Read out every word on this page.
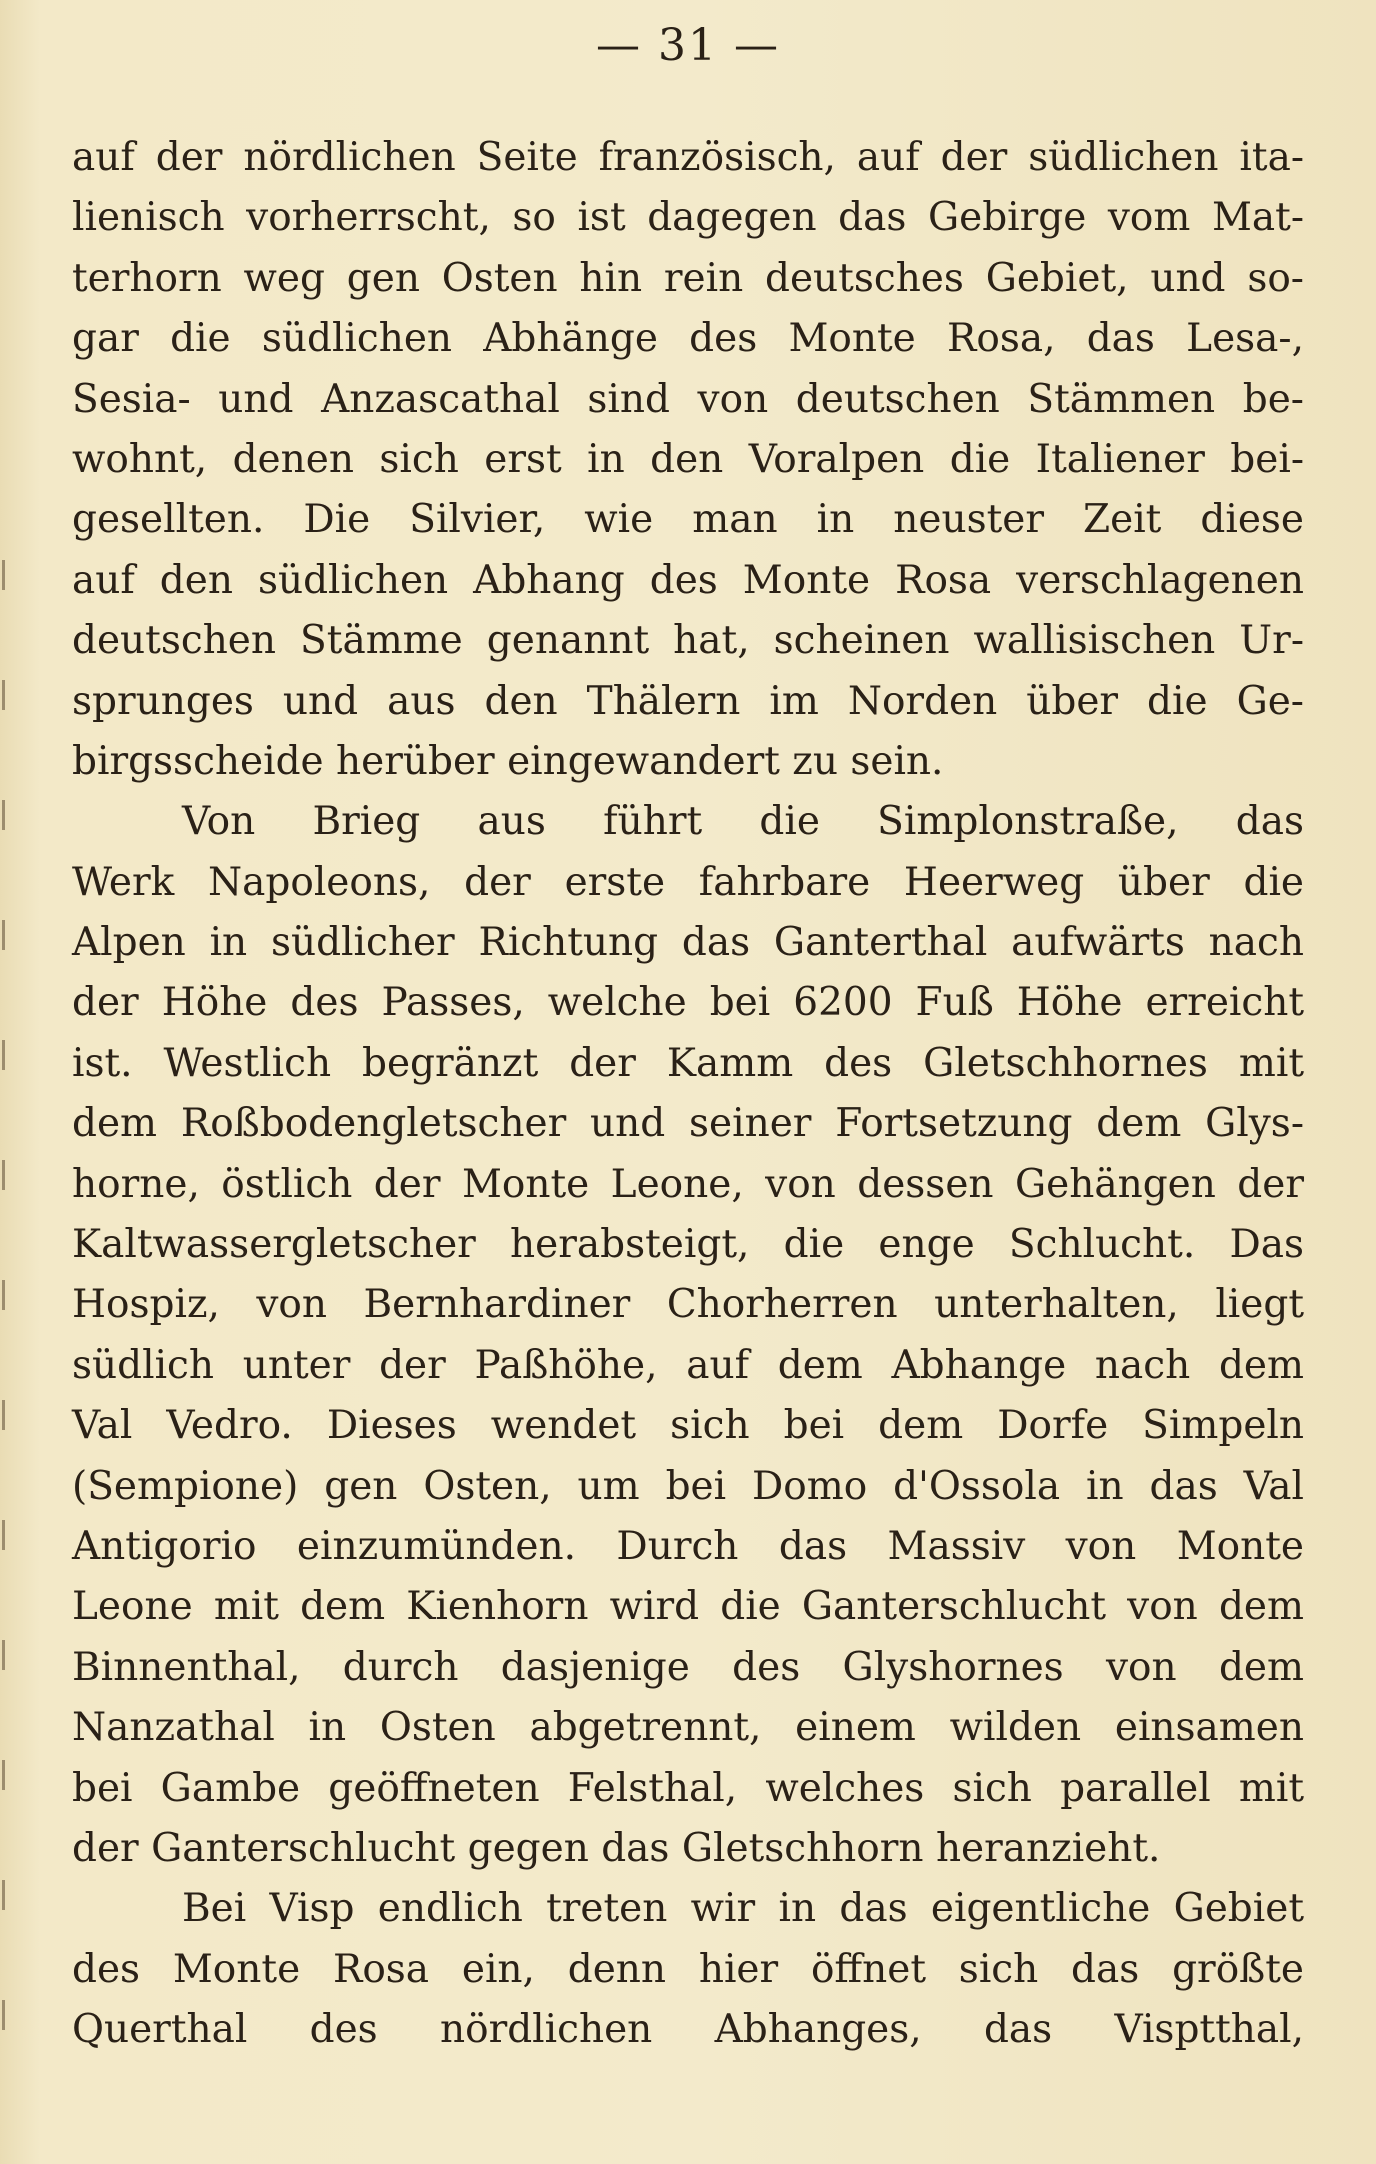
— 31 —
auf der nördlichen Seite französisch, auf der südlichen ita-
lienisch vorherrscht, so ist dagegen das Gebirge vom Mat-
terhorn weg gen Osten hin rein deutsches Gebiet, und so-
gar die südlichen Abhänge des Monte Rosa, das Lesa-,
Sesia- und Anzascathal sind von deutschen Stämmen be-
wohnt, denen sich erst in den Voralpen die Italiener bei-
gesellten. Die Silvier, wie man in neuster Zeit diese
auf den südlichen Abhang des Monte Rosa verschlagenen
deutschen Stämme genannt hat, scheinen wallisischen Ur-
sprunges und aus den Thälern im Norden über die Ge-
birgsscheide herüber eingewandert zu sein.
Von Brieg aus führt die Simplonstraße, das
Werk Napoleons, der erste fahrbare Heerweg über die
Alpen in südlicher Richtung das Ganterthal aufwärts nach
der Höhe des Passes, welche bei 6200 Fuß Höhe erreicht
ist. Westlich begränzt der Kamm des Gletschhornes mit
dem Roßbodengletscher und seiner Fortsetzung dem Glys-
horne, östlich der Monte Leone, von dessen Gehängen der
Kaltwassergletscher herabsteigt, die enge Schlucht. Das
Hospiz, von Bernhardiner Chorherren unterhalten, liegt
südlich unter der Paßhöhe, auf dem Abhange nach dem
Val Vedro. Dieses wendet sich bei dem Dorfe Simpeln
(Sempione) gen Osten, um bei Domo d'Ossola in das Val
Antigorio einzumünden. Durch das Massiv von Monte
Leone mit dem Kienhorn wird die Ganterschlucht von dem
Binnenthal, durch dasjenige des Glyshornes von dem
Nanzathal in Osten abgetrennt, einem wilden einsamen
bei Gambe geöffneten Felsthal, welches sich parallel mit
der Ganterschlucht gegen das Gletschhorn heranzieht.
Bei Visp endlich treten wir in das eigentliche Gebiet
des Monte Rosa ein, denn hier öffnet sich das größte
Querthal des nördlichen Abhanges, das Visptthal,
